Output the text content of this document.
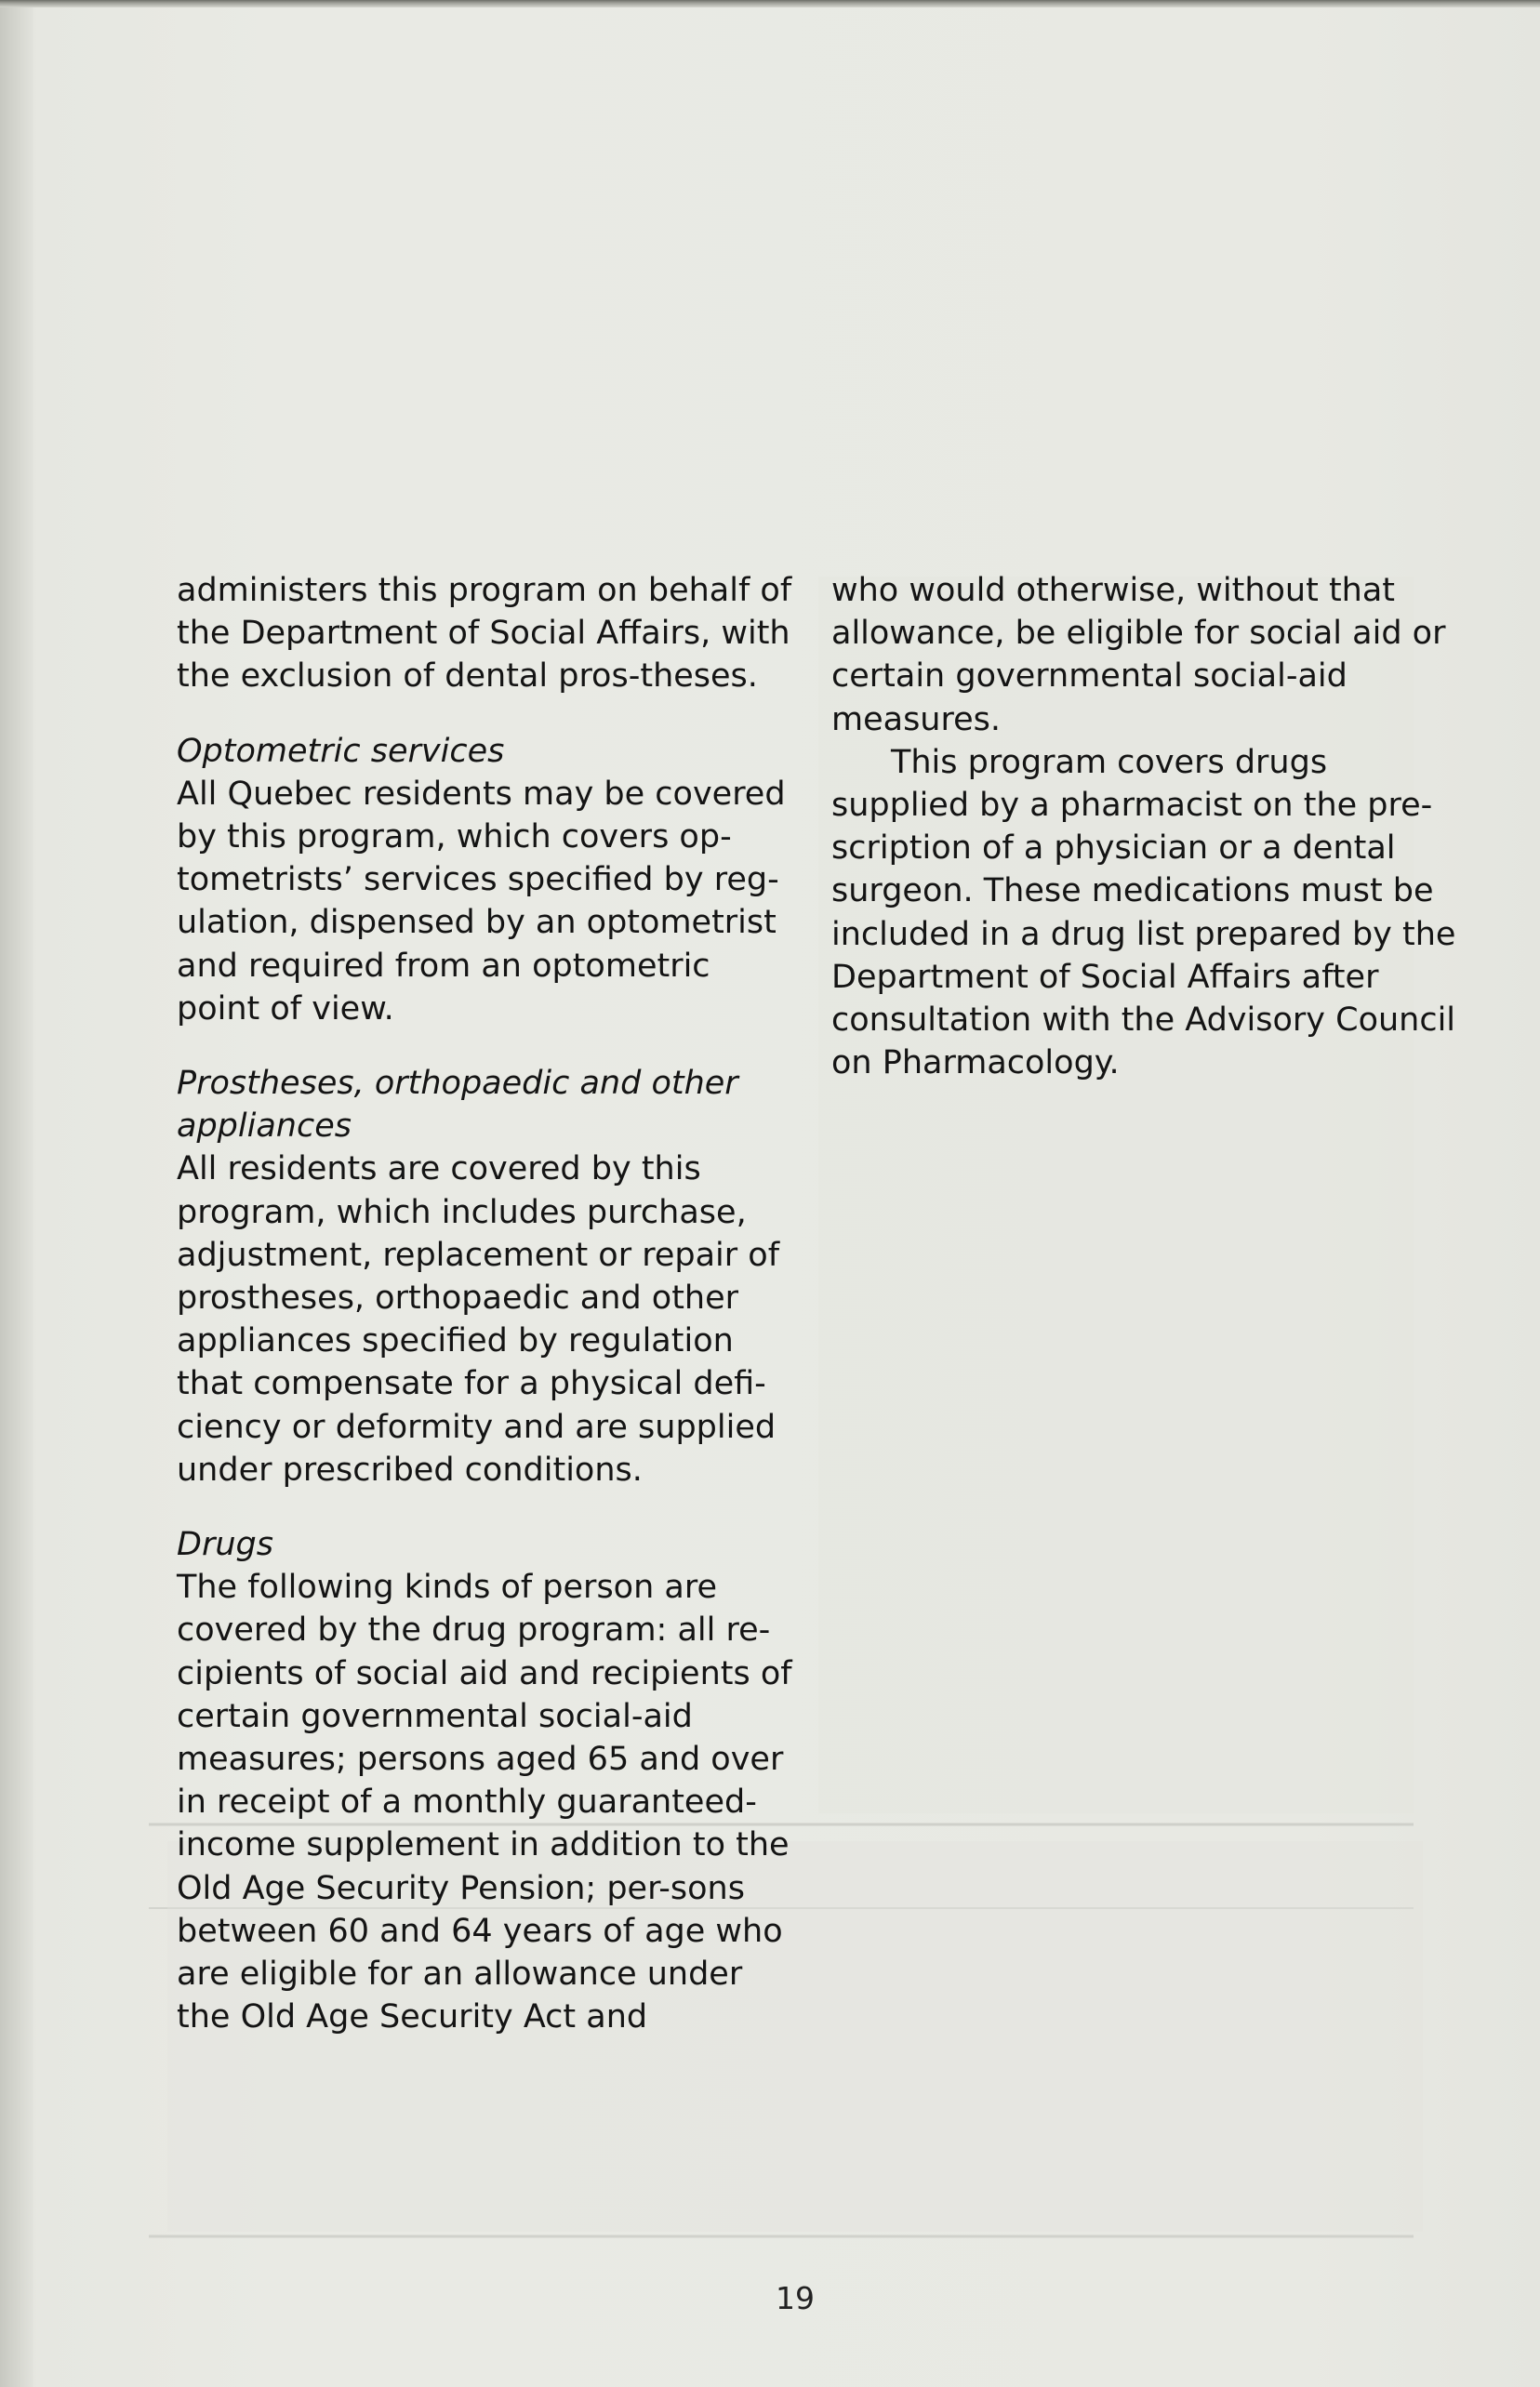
administers this program on behalf of the Department of Social Affairs, with the exclusion of dental pros-theses.

Optometric services

All Quebec residents may be covered by this program, which covers op-tometrists’ services specified by reg-ulation, dispensed by an optometrist and required from an optometric point of view.

Prostheses, orthopaedic and other appliances

All residents are covered by this program, which includes purchase, adjustment, replacement or repair of prostheses, orthopaedic and other appliances specified by regulation that compensate for a physical defi-ciency or deformity and are supplied under prescribed conditions.

Drugs

The following kinds of person are covered by the drug program: all re-cipients of social aid and recipients of certain governmental social-aid measures; persons aged 65 and over in receipt of a monthly guaranteed-income supplement in addition to the Old Age Security Pension; per-sons between 60 and 64 years of age who are eligible for an allowance under the Old Age Security Act and

who would otherwise, without that allowance, be eligible for social aid or certain governmental social-aid measures.

This program covers drugs supplied by a pharmacist on the pre-scription of a physician or a dental surgeon. These medications must be included in a drug list prepared by the Department of Social Affairs after consultation with the Advisory Council on Pharmacology.

19
